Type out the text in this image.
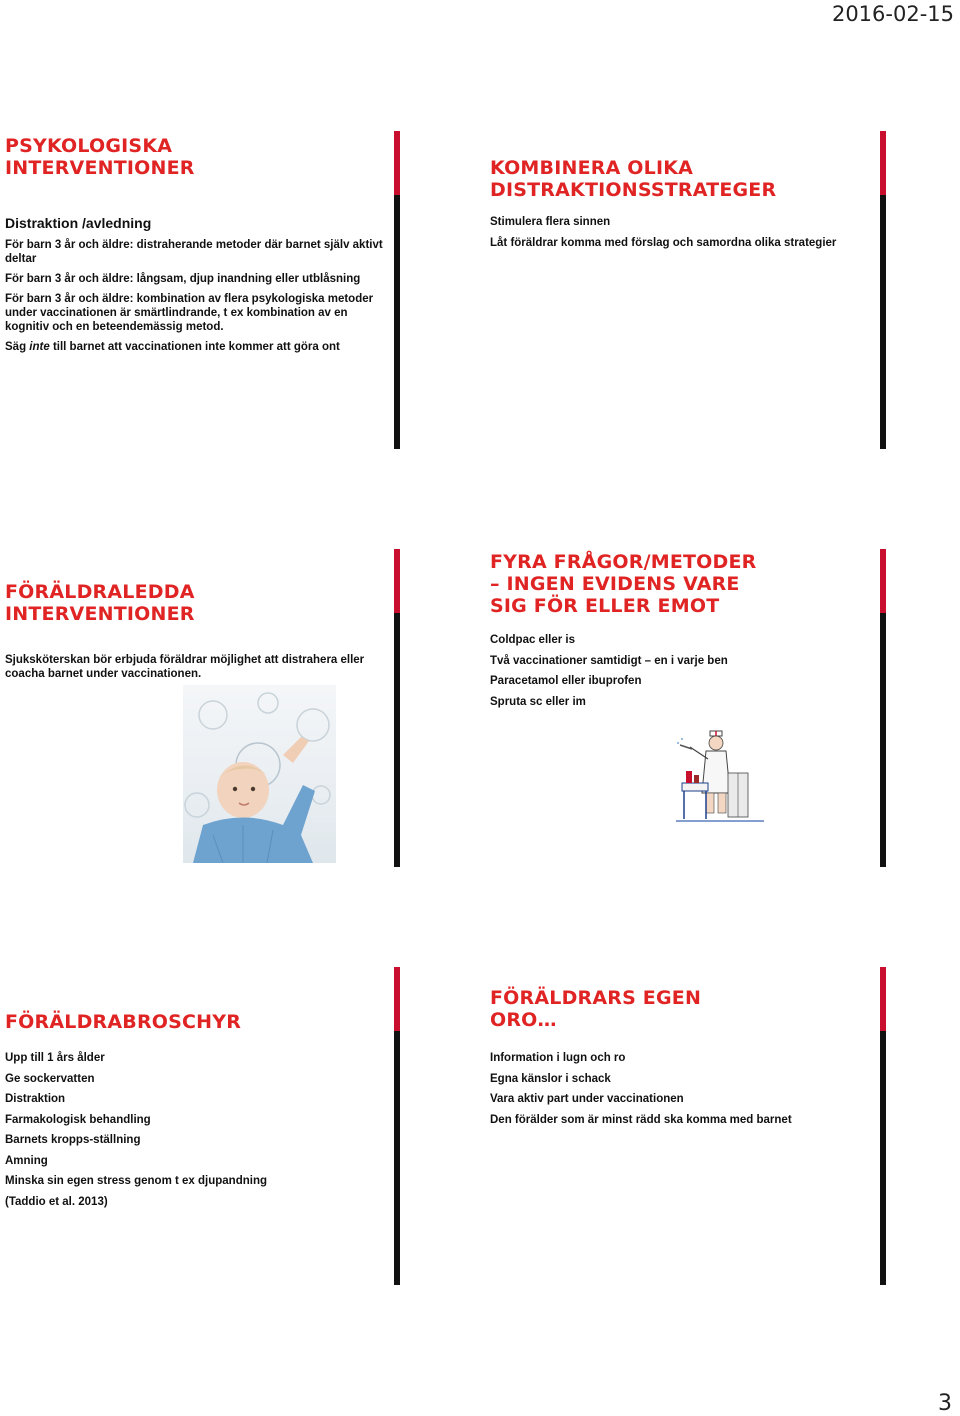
2016-02-15
PSYKOLOGISKA
INTERVENTIONER
Distraktion /avledning

För barn 3 år och äldre: distraherande metoder där barnet själv aktivt deltar

För barn 3 år och äldre: långsam, djup inandning eller utblåsning

För barn 3 år och äldre: kombination av flera psykologiska metoder under vaccinationen är smärtlindrande, t ex kombination av en kognitiv och en beteendemässig metod.

Säg inte till barnet att vaccinationen inte kommer att göra ont

KOMBINERA OLIKA
DISTRAKTIONSSTRATEGER
Stimulera flera sinnen
Låt föräldrar komma med förslag och samordna olika strategier
FÖRÄLDRALEDDA
INTERVENTIONER
Sjuksköterskan bör erbjuda föräldrar möjlighet att distrahera eller coacha barnet under vaccinationen.
FYRA FRÅGOR/METODER
– INGEN EVIDENS VARE
SIG FÖR ELLER EMOT
Coldpac eller is
Två vaccinationer samtidigt – en i varje ben
Paracetamol eller ibuprofen
Spruta sc eller im
FÖRÄLDRABROSCHYR
Upp till 1 års ålder
Ge sockervatten
Distraktion
Farmakologisk behandling
Barnets kropps-ställning
Amning
Minska sin egen stress genom t ex djupandning
(Taddio et al. 2013)
FÖRÄLDRARS EGEN
ORO…
Information i lugn och ro
Egna känslor i schack
Vara aktiv part under vaccinationen
Den förälder som är minst rädd ska komma med barnet
3
